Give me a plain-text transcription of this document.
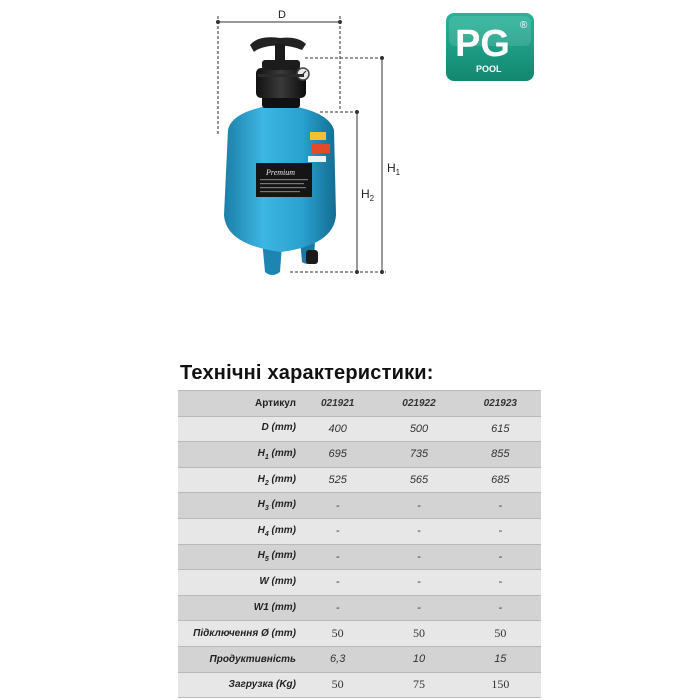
D
$H_1$
$H_2$
Premium
PG ®
POOL
Технічні характеристики:
Артикул	021921	021922	021923
D (mm)	400	500	615
$H_1$ (mm)	695	735	855
$H_2$ (mm)	525	565	685
$H_3$ (mm)	-	-	-
$H_4$ (mm)	-	-	-
$H_5$ (mm)	-	-	-
W (mm)	-	-	-
W1 (mm)	-	-	-
Підключення Ø (mm)	50	50	50
Продуктивність	6,3	10	15
Загрузка (Kg)	50	75	150
